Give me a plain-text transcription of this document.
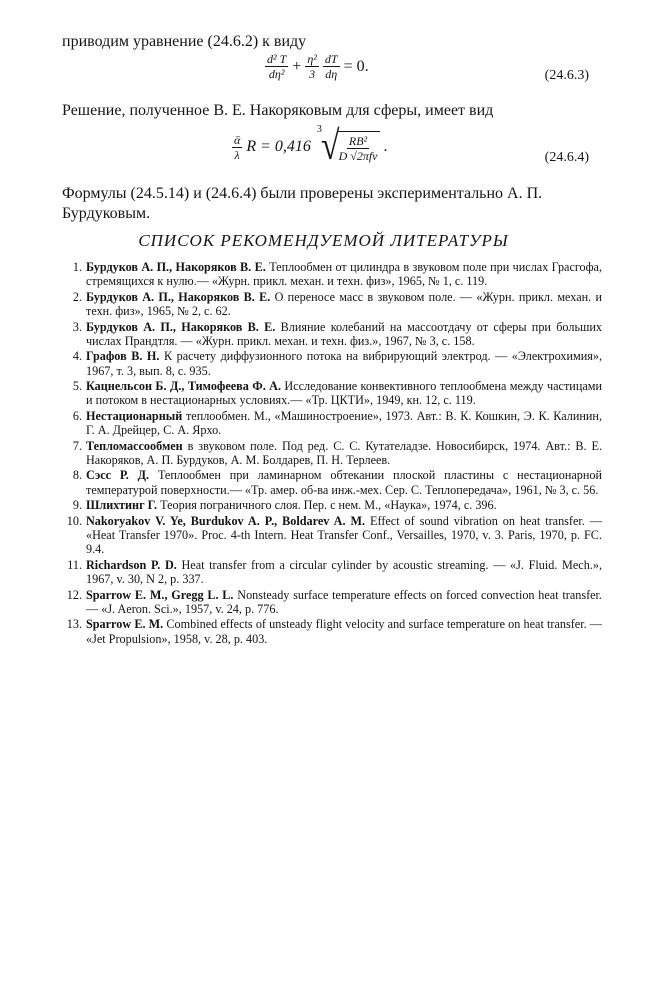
приводим уравнение (24.6.2) к виду
$\frac{\text{d² T}}{\text{dη²}} + \frac{\text{η²}}{3} \frac{dT}{d\eta} = 0$.
(24.6.3)
Решение, полученное В. Е. Накоряковым для сферы, имеет вид
$\frac{\text{ᾱ}}{\lambda}$ R = 0,416
3 √
$\frac{\text{RB²}}{\text{D √2πfν}}$ .
(24.6.4)
Формулы (24.5.14) и (24.6.4) были проверены экспериментально А. П. Бурдуковым.
СПИСОК РЕКОМЕНДУЕМОЙ ЛИТЕРАТУРЫ
1. Бурдуков А. П., Накоряков В. Е. Теплообмен от цилиндра в звуковом поле при числах Грасгофа, стремящихся к нулю.— «Журн. прикл. механ. и техн. физ», 1965, № 1, с. 119.
2. Бурдуков А. П., Накоряков В. Е. О переносе масс в звуковом поле. — «Журн. прикл. механ. и техн. физ», 1965, № 2, с. 62.
3. Бурдуков А. П., Накоряков В. Е. Влияние колебаний на массоотдачу от сферы при больших числах Прандтля. — «Журн. прикл. механ. и техн. физ.», 1967, № 3, с. 158.
4. Графов В. Н. К расчету диффузионного потока на вибрирующий электрод. — «Электрохимия», 1967, т. 3, вып. 8, с. 935.
5. Кацнельсон Б. Д., Тимофеева Ф. А. Исследование конвективного теплообмена между частицами и потоком в нестационарных условиях.— «Тр. ЦКТИ», 1949, кн. 12, с. 119.
6. Нестационарный теплообмен. М., «Машиностроение», 1973. Авт.: В. К. Кошкин, Э. К. Калинин, Г. А. Дрейцер, С. А. Ярхо.
7. Тепломассообмен в звуковом поле. Под ред. С. С. Кутателадзе. Новосибирск, 1974. Авт.: В. Е. Накоряков, А. П. Бурдуков, А. М. Болдарев, П. Н. Терлеев.
8. Сэсс Р. Д. Теплообмен при ламинарном обтекании плоской пластины с нестационарной температурой поверхности.— «Тр. амер. об-ва инж.-мех. Сер. С. Теплопередача», 1961, № 3, с. 56.
9. Шлихтинг Г. Теория пограничного слоя. Пер. с нем. М., «Наука», 1974, с. 396.
10. Nakoryakov V. Ye, Burdukov A. P., Boldarev A. M. Effect of sound vibration on heat transfer. — «Heat Transfer 1970». Proc. 4-th Intern. Heat Transfer Conf., Versailles, 1970, v. 3. Paris, 1970, p. FC. 9.4.
11. Richardson P. D. Heat transfer from a circular cylinder by acoustic streaming. — «J. Fluid. Mech.», 1967, v. 30, N 2, p. 337.
12. Sparrow E. M., Gregg L. L. Nonsteady surface temperature effects on forced convection heat transfer. — «J. Aeron. Sci.», 1957, v. 24, p. 776.
13. Sparrow E. M. Combined effects of unsteady flight velocity and surface temperature on heat transfer. — «Jet Propulsion», 1958, v. 28, p. 403.
